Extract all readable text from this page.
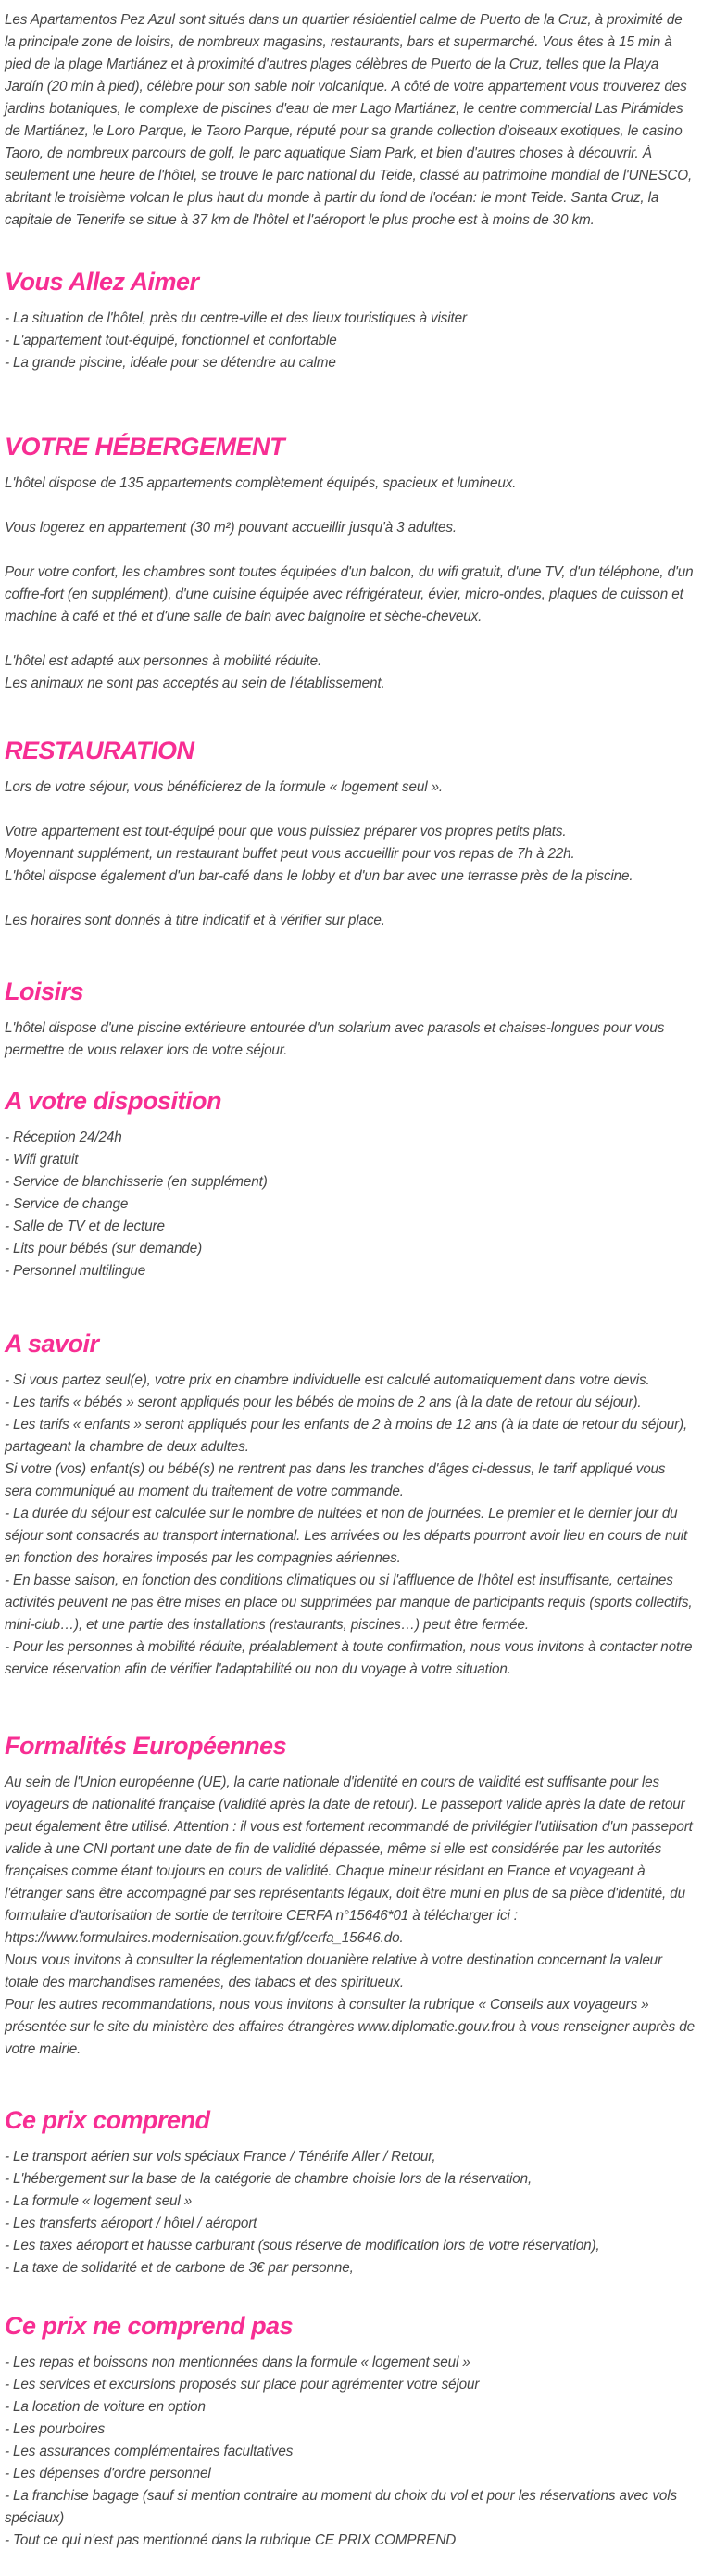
Les Apartamentos Pez Azul sont situés dans un quartier résidentiel calme de Puerto de la Cruz, à proximité de la principale zone de loisirs, de nombreux magasins, restaurants, bars et supermarché. Vous êtes à 15 min à pied de la plage Martiánez et à proximité d'autres plages célèbres de Puerto de la Cruz, telles que la Playa Jardín (20 min à pied), célèbre pour son sable noir volcanique. A côté de votre appartement vous trouverez des jardins botaniques, le complexe de piscines d'eau de mer Lago Martiánez, le centre commercial Las Pirámides de Martiánez, le Loro Parque, le Taoro Parque, réputé pour sa grande collection d'oiseaux exotiques, le casino Taoro, de nombreux parcours de golf, le parc aquatique Siam Park, et bien d'autres choses à découvrir. À seulement une heure de l'hôtel, se trouve le parc national du Teide, classé au patrimoine mondial de l'UNESCO, abritant le troisième volcan le plus haut du monde à partir du fond de l'océan: le mont Teide. Santa Cruz, la capitale de Tenerife se situe à 37 km de l'hôtel et l'aéroport le plus proche est à moins de 30 km.

Vous Allez Aimer

- La situation de l'hôtel, près du centre-ville et des lieux touristiques à visiter

- L'appartement tout-équipé, fonctionnel et confortable

- La grande piscine, idéale pour se détendre au calme

VOTRE HÉBERGEMENT

L'hôtel dispose de 135 appartements complètement équipés, spacieux et lumineux.

Vous logerez en appartement (30 m²) pouvant accueillir jusqu'à 3 adultes.

Pour votre confort, les chambres sont toutes équipées d'un balcon, du wifi gratuit, d'une TV, d'un téléphone, d'un coffre-fort (en supplément), d'une cuisine équipée avec réfrigérateur, évier, micro-ondes, plaques de cuisson et machine à café et thé et d'une salle de bain avec baignoire et sèche-cheveux.

L'hôtel est adapté aux personnes à mobilité réduite.

Les animaux ne sont pas acceptés au sein de l'établissement.

RESTAURATION

Lors de votre séjour, vous bénéficierez de la formule « logement seul ».

Votre appartement est tout-équipé pour que vous puissiez préparer vos propres petits plats.

Moyennant supplément, un restaurant buffet peut vous accueillir pour vos repas de 7h à 22h.

L'hôtel dispose également d'un bar-café dans le lobby et d'un bar avec une terrasse près de la piscine.

Les horaires sont donnés à titre indicatif et à vérifier sur place.

Loisirs

L'hôtel dispose d'une piscine extérieure entourée d'un solarium avec parasols et chaises-longues pour vous permettre de vous relaxer lors de votre séjour.

A votre disposition

- Réception 24/24h

- Wifi gratuit

- Service de blanchisserie (en supplément)

- Service de change

- Salle de TV et de lecture

- Lits pour bébés (sur demande)

- Personnel multilingue

A savoir

- Si vous partez seul(e), votre prix en chambre individuelle est calculé automatiquement dans votre devis.

- Les tarifs « bébés » seront appliqués pour les bébés de moins de 2 ans (à la date de retour du séjour).

- Les tarifs « enfants » seront appliqués pour les enfants de 2 à moins de 12 ans (à la date de retour du séjour), partageant la chambre de deux adultes.

Si votre (vos) enfant(s) ou bébé(s) ne rentrent pas dans les tranches d'âges ci-dessus, le tarif appliqué vous sera communiqué au moment du traitement de votre commande.

- La durée du séjour est calculée sur le nombre de nuitées et non de journées. Le premier et le dernier jour du séjour sont consacrés au transport international. Les arrivées ou les départs pourront avoir lieu en cours de nuit en fonction des horaires imposés par les compagnies aériennes.

- En basse saison, en fonction des conditions climatiques ou si l'affluence de l'hôtel est insuffisante, certaines activités peuvent ne pas être mises en place ou supprimées par manque de participants requis (sports collectifs, mini-club…), et une partie des installations (restaurants, piscines…) peut être fermée.

- Pour les personnes à mobilité réduite, préalablement à toute confirmation, nous vous invitons à contacter notre service réservation afin de vérifier l'adaptabilité ou non du voyage à votre situation.

Formalités Européennes

Au sein de l'Union européenne (UE), la carte nationale d'identité en cours de validité est suffisante pour les voyageurs de nationalité française (validité après la date de retour). Le passeport valide après la date de retour peut également être utilisé. Attention : il vous est fortement recommandé de privilégier l'utilisation d'un passeport valide à une CNI portant une date de fin de validité dépassée, même si elle est considérée par les autorités françaises comme étant toujours en cours de validité. Chaque mineur résidant en France et voyageant à l'étranger sans être accompagné par ses représentants légaux, doit être muni en plus de sa pièce d'identité, du formulaire d'autorisation de sortie de territoire CERFA n°15646*01 à télécharger ici :

https://www.formulaires.modernisation.gouv.fr/gf/cerfa_15646.do.

Nous vous invitons à consulter la réglementation douanière relative à votre destination concernant la valeur totale des marchandises ramenées, des tabacs et des spiritueux.

Pour les autres recommandations, nous vous invitons à consulter la rubrique « Conseils aux voyageurs » présentée sur le site du ministère des affaires étrangères www.diplomatie.gouv.frou à vous renseigner auprès de votre mairie.

Ce prix comprend

- Le transport aérien sur vols spéciaux France / Ténérife Aller / Retour,

- L'hébergement sur la base de la catégorie de chambre choisie lors de la réservation,

- La formule « logement seul »

- Les transferts aéroport / hôtel / aéroport

- Les taxes aéroport et hausse carburant (sous réserve de modification lors de votre réservation),

- La taxe de solidarité et de carbone de 3€ par personne,

Ce prix ne comprend pas

- Les repas et boissons non mentionnées dans la formule « logement seul »

- Les services et excursions proposés sur place pour agrémenter votre séjour

- La location de voiture en option

- Les pourboires

- Les assurances complémentaires facultatives

- Les dépenses d'ordre personnel

- La franchise bagage (sauf si mention contraire au moment du choix du vol et pour les réservations avec vols spéciaux)

- Tout ce qui n'est pas mentionné dans la rubrique CE PRIX COMPREND
